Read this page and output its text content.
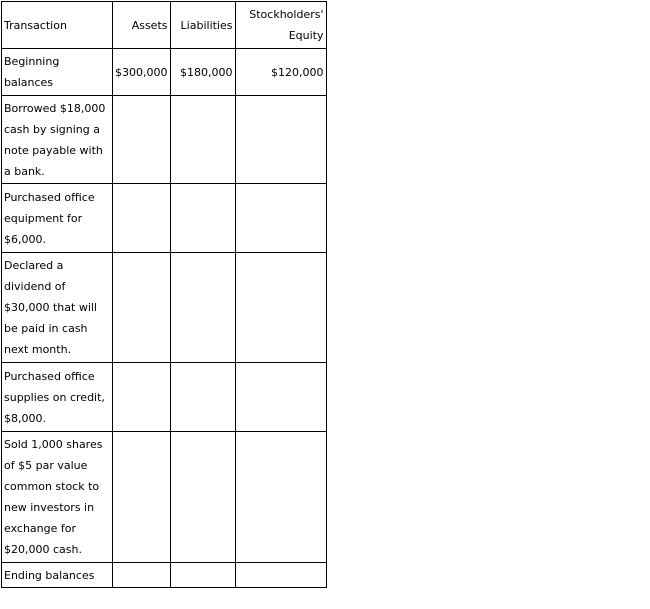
Transaction	Assets	Liabilities	Stockholders'
Equity

Beginning balances	$300,000	$180,000	$120,000
Borrowed $18,000 cash by signing a note payable with a bank.			
Purchased office equipment for $6,000.			
Declared a dividend of $30,000 that will be paid in cash next month.			
Purchased office supplies on credit, $8,000.			
Sold 1,000 shares of $5 par value common stock to new investors in exchange for $20,000 cash.			
Ending balances			
